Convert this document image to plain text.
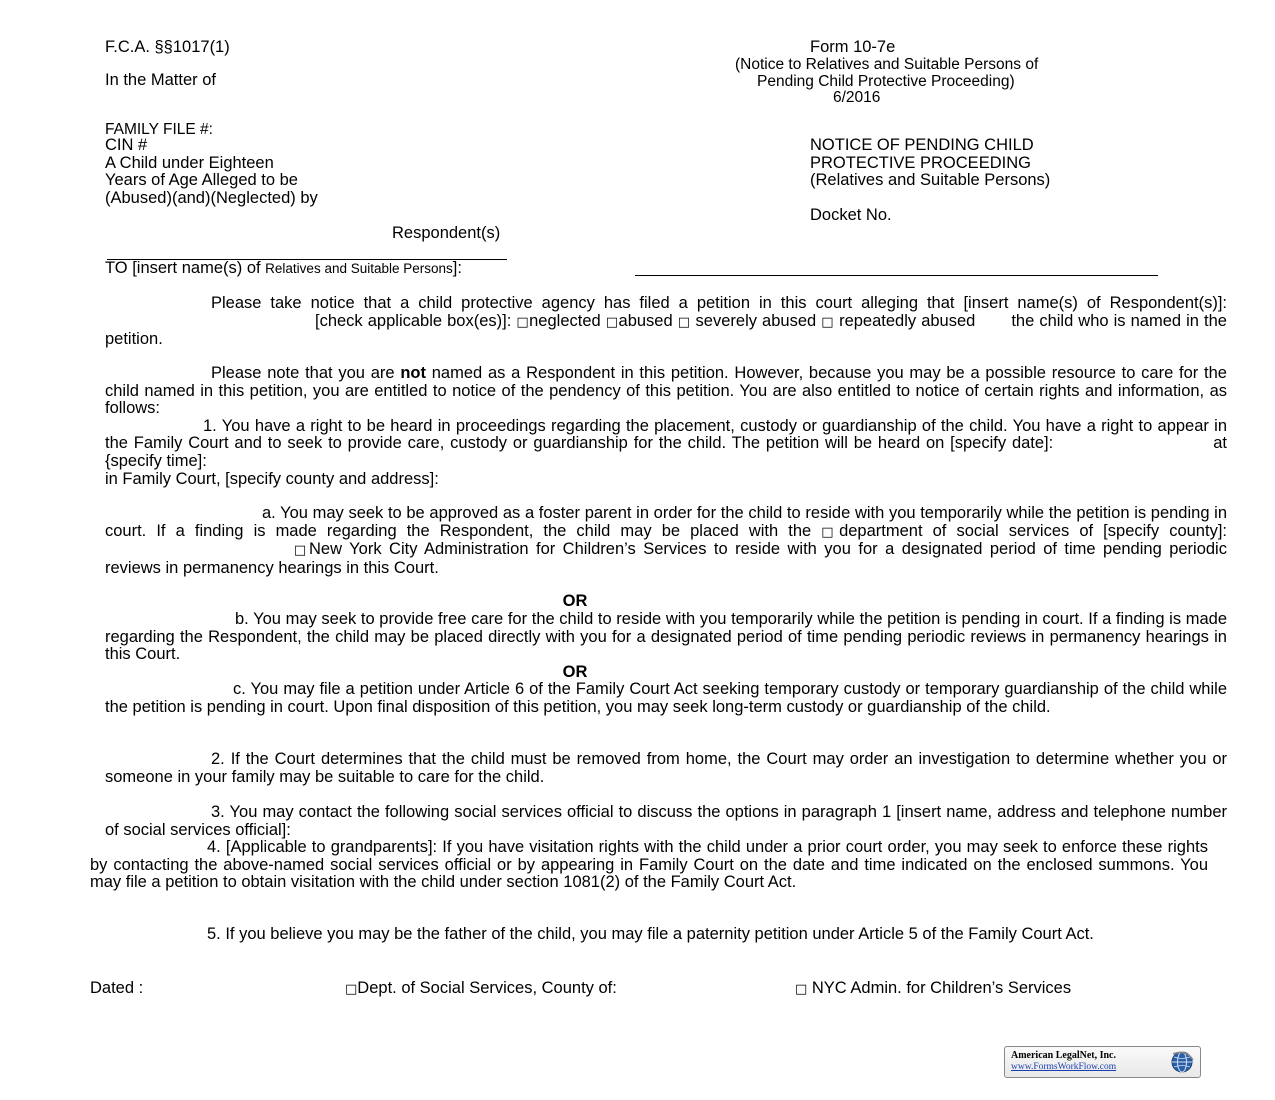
F.C.A. §§1017(1)	Form 10-7e
(Notice to Relatives and Suitable Persons of
Pending Child Protective Proceeding)
6/2016
In the Matter of
FAMILY FILE #:
CIN #
A Child under Eighteen
Years of Age Alleged to be
(Abused)(and)(Neglected) by
Respondent(s)
NOTICE OF PENDING CHILD
PROTECTIVE PROCEEDING
(Relatives and Suitable Persons)
Docket No.
TO [insert name(s) of Relatives and Suitable Persons]:

Please take notice that a child protective agency has filed a petition in this court alleging that [insert name(s) of Respondent(s)]:[check applicable box(es)]: □neglected □abused □ severely abused □ repeatedly abused the child who is named in the petition.

Please note that you are not named as a Respondent in this petition. However, because you may be a possible resource to care for the child named in this petition, you are entitled to notice of the pendency of this petition. You are also entitled to notice of certain rights and information, as follows:

1. You have a right to be heard in proceedings regarding the placement, custody or guardianship of the child. You have a right to appear in the Family Court and to seek to provide care, custody or guardianship for the child. The petition will be heard on [specify date]:	at {specify time]:

in Family Court, [specify county and address]:

a. You may seek to be approved as a foster parent in order for the child to reside with you temporarily while the petition is pending in court. If a finding is made regarding the Respondent, the child may be placed with the □department of social services of [specify county]:□New York City Administration for Children’s Services to reside with you for a designated period of time pending periodic reviews in permanency hearings in this Court.

OR

b. You may seek to provide free care for the child to reside with you temporarily while the petition is pending in court. If a finding is made regarding the Respondent, the child may be placed directly with you for a designated period of time pending periodic reviews in permanency hearings in this Court.

OR

c. You may file a petition under Article 6 of the Family Court Act seeking temporary custody or temporary guardianship of the child while the petition is pending in court. Upon final disposition of this petition, you may seek long-term custody or guardianship of the child.

2. If the Court determines that the child must be removed from home, the Court may order an investigation to determine whether you or someone in your family may be suitable to care for the child.

3. You may contact the following social services official to discuss the options in paragraph 1 [insert name, address and telephone number of social services official]:

4. [Applicable to grandparents]: If you have visitation rights with the child under a prior court order, you may seek to enforce these rights by contacting the above-named social services official or by appearing in Family Court on the date and time indicated on the enclosed summons. You may file a petition to obtain visitation with the child under section 1081(2) of the Family Court Act.

5. If you believe you may be the father of the child, you may file a paternity petition under Article 5 of the Family Court Act.

Dated :	□Dept. of Social Services, County of:	□ NYC Admin. for Children’s Services
American LegalNet, Inc.
www.FormsWorkFlow.com
